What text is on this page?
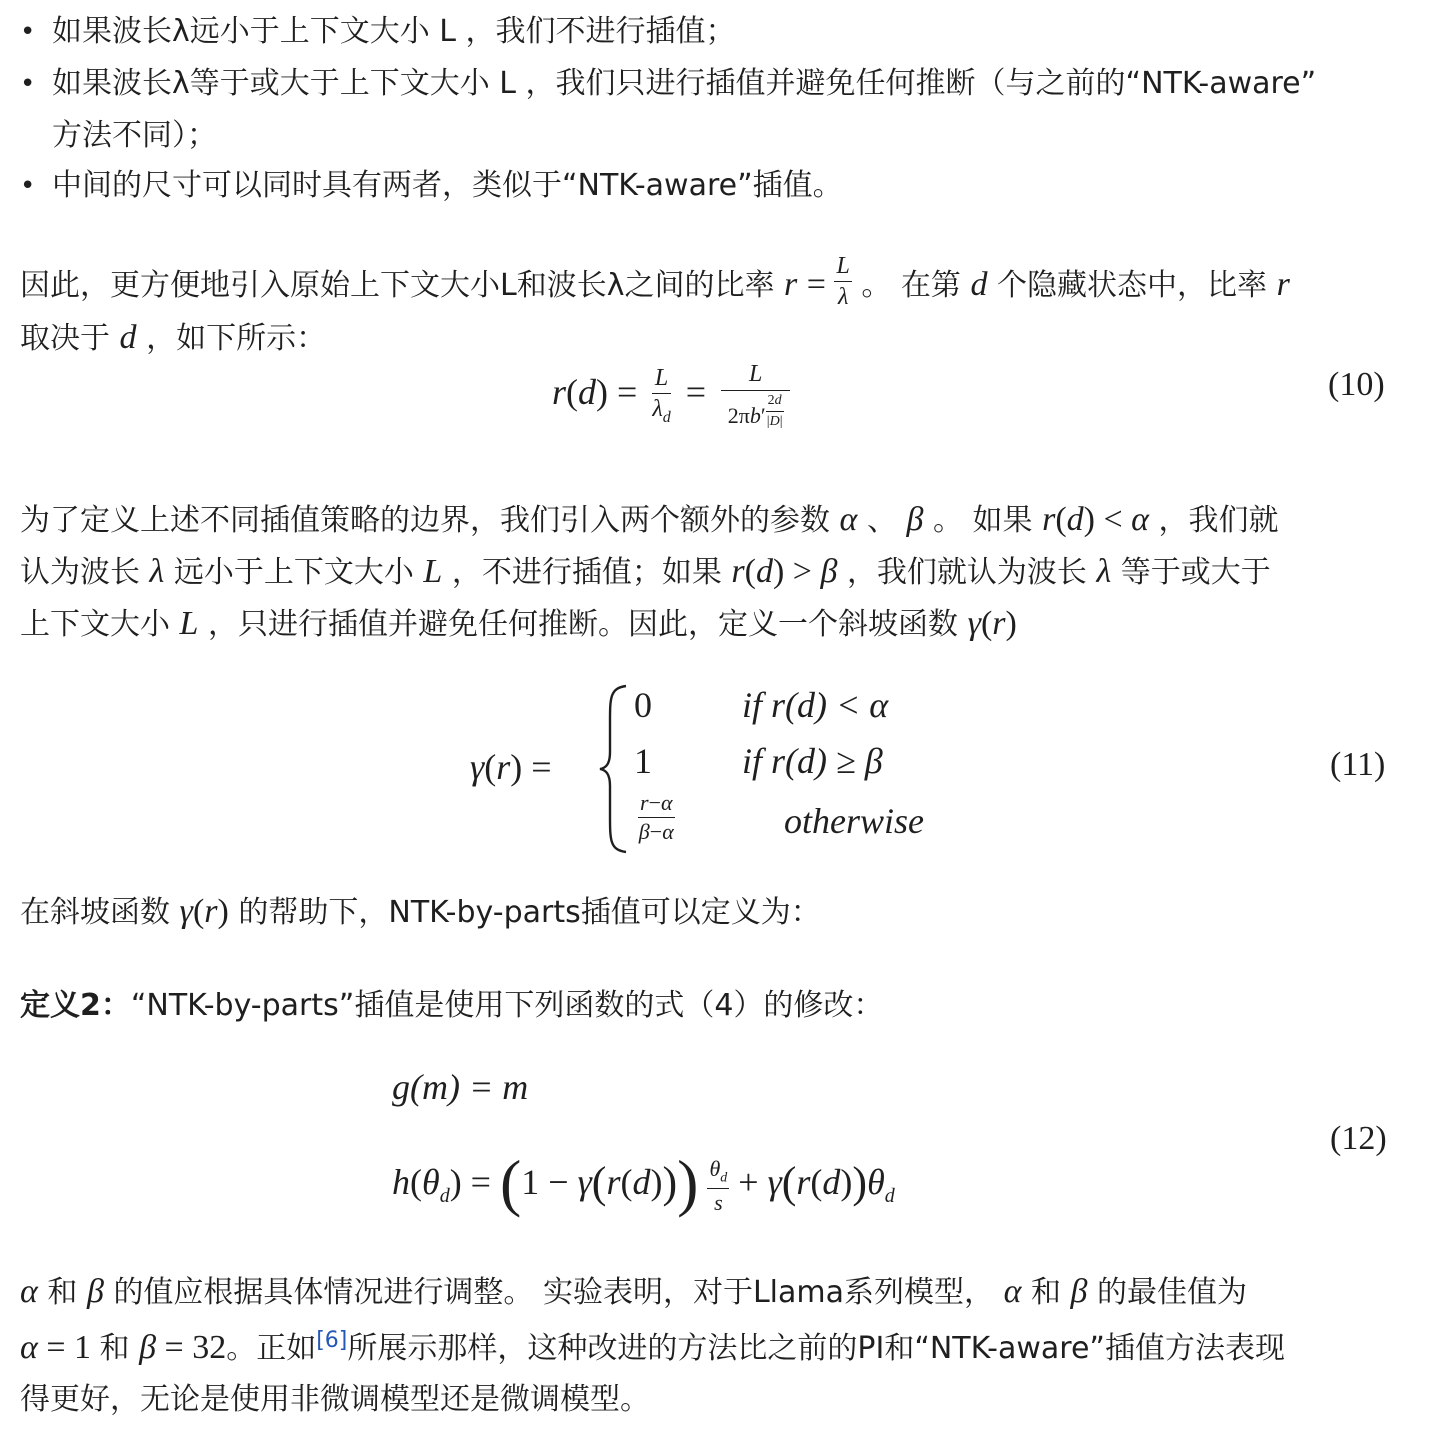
• 如果波长λ远小于上下文大小 L ，我们不进行插值；
• 如果波长λ等于或大于上下文大小 L ，我们只进行插值并避免任何推断（与之前的“NTK-aware”
方法不同）；
• 中间的尺寸可以同时具有两者，类似于“NTK-aware”插值。
因此，更方便地引入原始上下文大小L和波长λ之间的比率 $r = \frac{L}{\lambda}$ 。 在第 d 个隐藏状态中，比率 r
取决于 d ，如下所示：
$r(d) = \frac{L}{\lambda_d} = L$
2πb′ $^{\frac{2d}{|D|}}$	(10)
为了定义上述不同插值策略的边界，我们引入两个额外的参数 α 、 β 。 如果 r(d) < α ，我们就
认为波长 λ 远小于上下文大小 L ，不进行插值；如果 r(d) > β ，我们就认为波长 λ 等于或大于
上下文大小 L ，只进行插值并避免任何推断。因此，定义一个斜坡函数 γ(r)
γ(r) =
0	if r(d) < α
1	if r(d) ≥ β
$\frac{r-\alpha}{\beta-\alpha}$	otherwise
(11)
在斜坡函数 γ(r) 的帮助下，NTK-by-parts插值可以定义为：
定义2：“NTK-by-parts”插值是使用下列函数的式（4）的修改：
g(m) = m
$h(\theta_d) = (1 - \gamma(r(d))) \frac{\theta_d}{s} + \gamma(r(d))\theta_d$
(12)
α 和 β 的值应根据具体情况进行调整。 实验表明，对于Llama系列模型， α 和 β 的最佳值为
α = 1 和 β = 32。正如[6]所展示那样，这种改进的方法比之前的PI和“NTK-aware”插值方法表现
得更好，无论是使用非微调模型还是微调模型。
